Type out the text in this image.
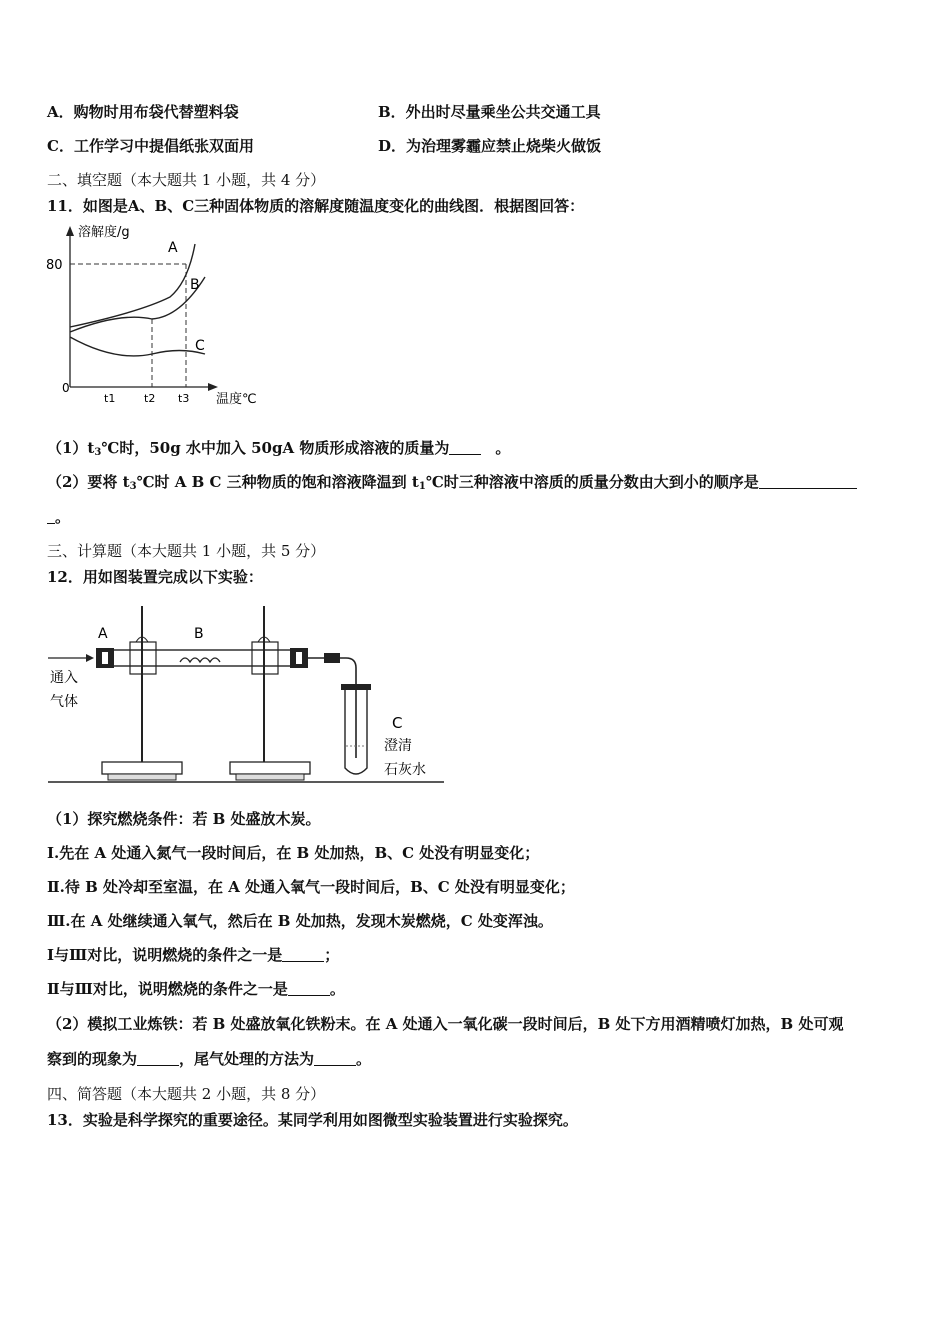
A．购物时用布袋代替塑料袋	B．外出时尽量乘坐公共交通工具
C．工作学习中提倡纸张双面用	D．为治理雾霾应禁止烧柴火做饭
二、填空题（本大题共 1 小题，共 4 分）
11．如图是A、B、C三种固体物质的溶解度随温度变化的曲线图．根据图回答：
溶解度/g
80
0
t1	t2 t3 温度℃
A
B
C
$(1)t_3℃$时，50g 水中加入 50gA 物质形成溶液的质量为	。
（2）要将 $t_3℃$时 A B C 三种物质的饱和溶液降温到 $t_1℃$时三种溶液中溶质的质量分数由大到小的顺序是
。
三、计算题（本大题共 1 小题，共 5 分）
12．用如图装置完成以下实验：
A	B
C
通入
气体
澄清
石灰水
（1）探究燃烧条件：若 B 处盛放木炭。
Ⅰ.先在 A 处通入氮气一段时间后，在 B 处加热，B、C 处没有明显变化；
Ⅱ.待 B 处冷却至室温，在 A 处通入氧气一段时间后，B、C 处没有明显变化；
Ⅲ.在 A 处继续通入氧气，然后在 B 处加热，发现木炭燃烧，C 处变浑浊。
Ⅰ与Ⅲ对比，说明燃烧的条件之一是	；
Ⅱ与Ⅲ对比，说明燃烧的条件之一是	。
（2）模拟工业炼铁：若 B 处盛放氧化铁粉末。在 A 处通入一氧化碳一段时间后，B 处下方用酒精喷灯加热，B 处可观
察到的现象为	，尾气处理的方法为	。
四、简答题（本大题共 2 小题，共 8 分）
13．实验是科学探究的重要途径。某同学利用如图微型实验装置进行实验探究。
